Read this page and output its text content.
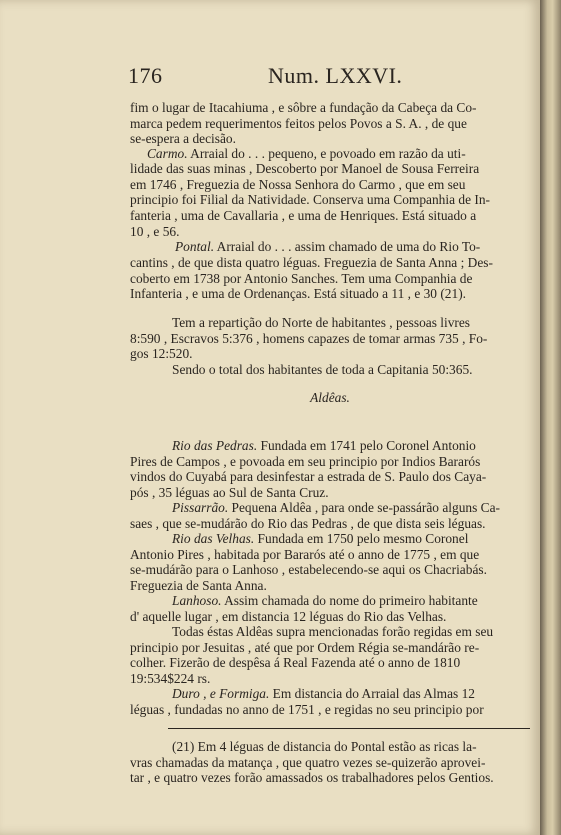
176	Num. LXXVI.
fim o lugar de Itacahiuma , e sôbre a fundação da Cabeça da Co-
marca pedem requerimentos feitos pelos Povos a S. A. , de que
se-espera a decisão.
Carmo. Arraial do . . . pequeno, e povoado em razão da uti-
lidade das suas minas , Descoberto por Manoel de Sousa Ferreira
em 1746 , Freguezia de Nossa Senhora do Carmo , que em seu
principio foi Filial da Natividade. Conserva uma Companhia de In-
fanteria , uma de Cavallaria , e uma de Henriques. Está situado a
10 , e 56.
Pontal. Arraial do . . . assim chamado de uma do Rio To-
cantins , de que dista quatro léguas. Freguezia de Santa Anna ; Des-
coberto em 1738 por Antonio Sanches. Tem uma Companhia de
Infanteria , e uma de Ordenanças. Está situado a 11 , e 30 (21).
Tem a repartição do Norte de habitantes , pessoas livres
8:590 , Escravos 5:376 , homens capazes de tomar armas 735 , Fo-
gos 12:520.
Sendo o total dos habitantes de toda a Capitania 50:365.
Aldêas.
Rio das Pedras. Fundada em 1741 pelo Coronel Antonio
Pires de Campos , e povoada em seu principio por Indios Bararós
vindos do Cuyabá para desinfestar a estrada de S. Paulo dos Caya-
pós , 35 léguas ao Sul de Santa Cruz.
Pissarrão. Pequena Aldêa , para onde se-passárão alguns Ca-
saes , que se-mudárão do Rio das Pedras , de que dista seis léguas.
Rio das Velhas. Fundada em 1750 pelo mesmo Coronel
Antonio Pires , habitada por Bararós até o anno de 1775 , em que
se-mudárão para o Lanhoso , estabelecendo-se aqui os Chacriabás.
Freguezia de Santa Anna.
Lanhoso. Assim chamada do nome do primeiro habitante
d' aquelle lugar , em distancia 12 léguas do Rio das Velhas.
Todas éstas Aldêas supra mencionadas forão regidas em seu
principio por Jesuitas , até que por Ordem Régia se-mandárão re-
colher. Fizerão de despêsa á Real Fazenda até o anno de 1810
19:534$224 rs.
Duro , e Formiga. Em distancia do Arraial das Almas 12
léguas , fundadas no anno de 1751 , e regidas no seu principio por
(21) Em 4 léguas de distancia do Pontal estão as ricas la-
vras chamadas da matança , que quatro vezes se-quizerão aprovei-
tar , e quatro vezes forão amassados os trabalhadores pelos Gentios.
